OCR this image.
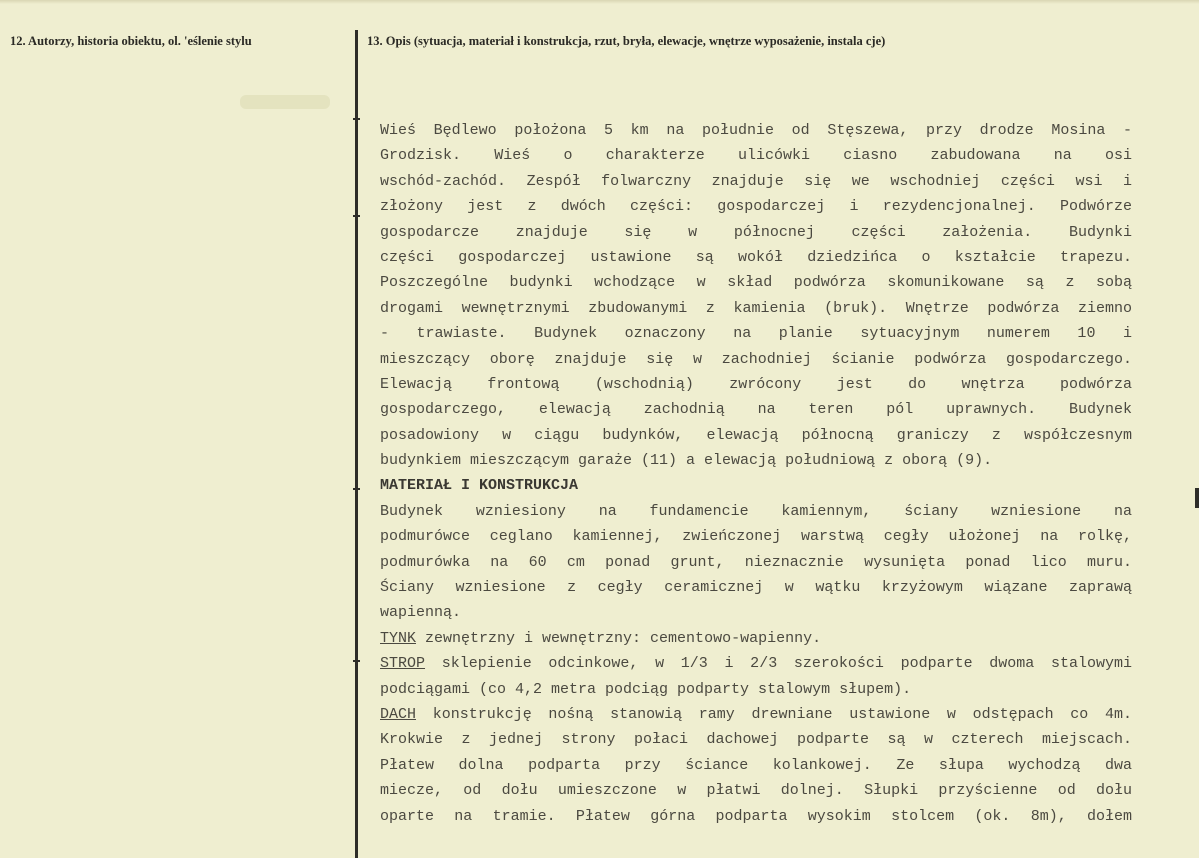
12. Autorzy, historia obiektu, ol. 'eślenie stylu	13. Opis (sytuacja, materiał i konstrukcja, rzut, bryła, elewacje, wnętrze wyposażenie, instala cje)
Wieś Będlewo położona 5 km na południe od Stęszewa, przy drodze Mosina -
Grodzisk. Wieś o charakterze ulicówki ciasno zabudowana na osi
wschód-zachód. Zespół folwarczny znajduje się we wschodniej części wsi i
złożony jest z dwóch części: gospodarczej i rezydencjonalnej. Podwórze
gospodarcze znajduje się w północnej części założenia. Budynki
części gospodarczej ustawione są wokół dziedzińca o kształcie trapezu.
Poszczególne budynki wchodzące w skład podwórza skomunikowane są z sobą
drogami wewnętrznymi zbudowanymi z kamienia (bruk). Wnętrze podwórza ziemno
- trawiaste. Budynek oznaczony na planie sytuacyjnym numerem 10 i
mieszczący oborę znajduje się w zachodniej ścianie podwórza gospodarczego.
Elewacją frontową (wschodnią) zwrócony jest do wnętrza podwórza
gospodarczego, elewacją zachodnią na teren pól uprawnych. Budynek
posadowiony w ciągu budynków, elewacją północną graniczy z współczesnym
budynkiem mieszczącym garaże (11) a elewacją południową z oborą (9).
MATERIAŁ I KONSTRUKCJA
Budynek wzniesiony na fundamencie kamiennym, ściany wzniesione na
podmurówce ceglano kamiennej, zwieńczonej warstwą cegły ułożonej na rolkę,
podmurówka na 60 cm ponad grunt, nieznacznie wysunięta ponad lico muru.
Ściany wzniesione z cegły ceramicznej w wątku krzyżowym wiązane zaprawą
wapienną.
TYNK zewnętrzny i wewnętrzny: cementowo-wapienny.
STROP sklepienie odcinkowe, w 1/3 i 2/3 szerokości podparte dwoma stalowymi
podciągami (co 4,2 metra podciąg podparty stalowym słupem).
DACH konstrukcję nośną stanowią ramy drewniane ustawione w odstępach co 4m.
Krokwie z jednej strony połaci dachowej podparte są w czterech miejscach.
Płatew dolna podparta przy ściance kolankowej. Ze słupa wychodzą dwa
miecze, od dołu umieszczone w płatwi dolnej. Słupki przyścienne od dołu
oparte na tramie. Płatew górna podparta wysokim stolcem (ok. 8m), dołem
